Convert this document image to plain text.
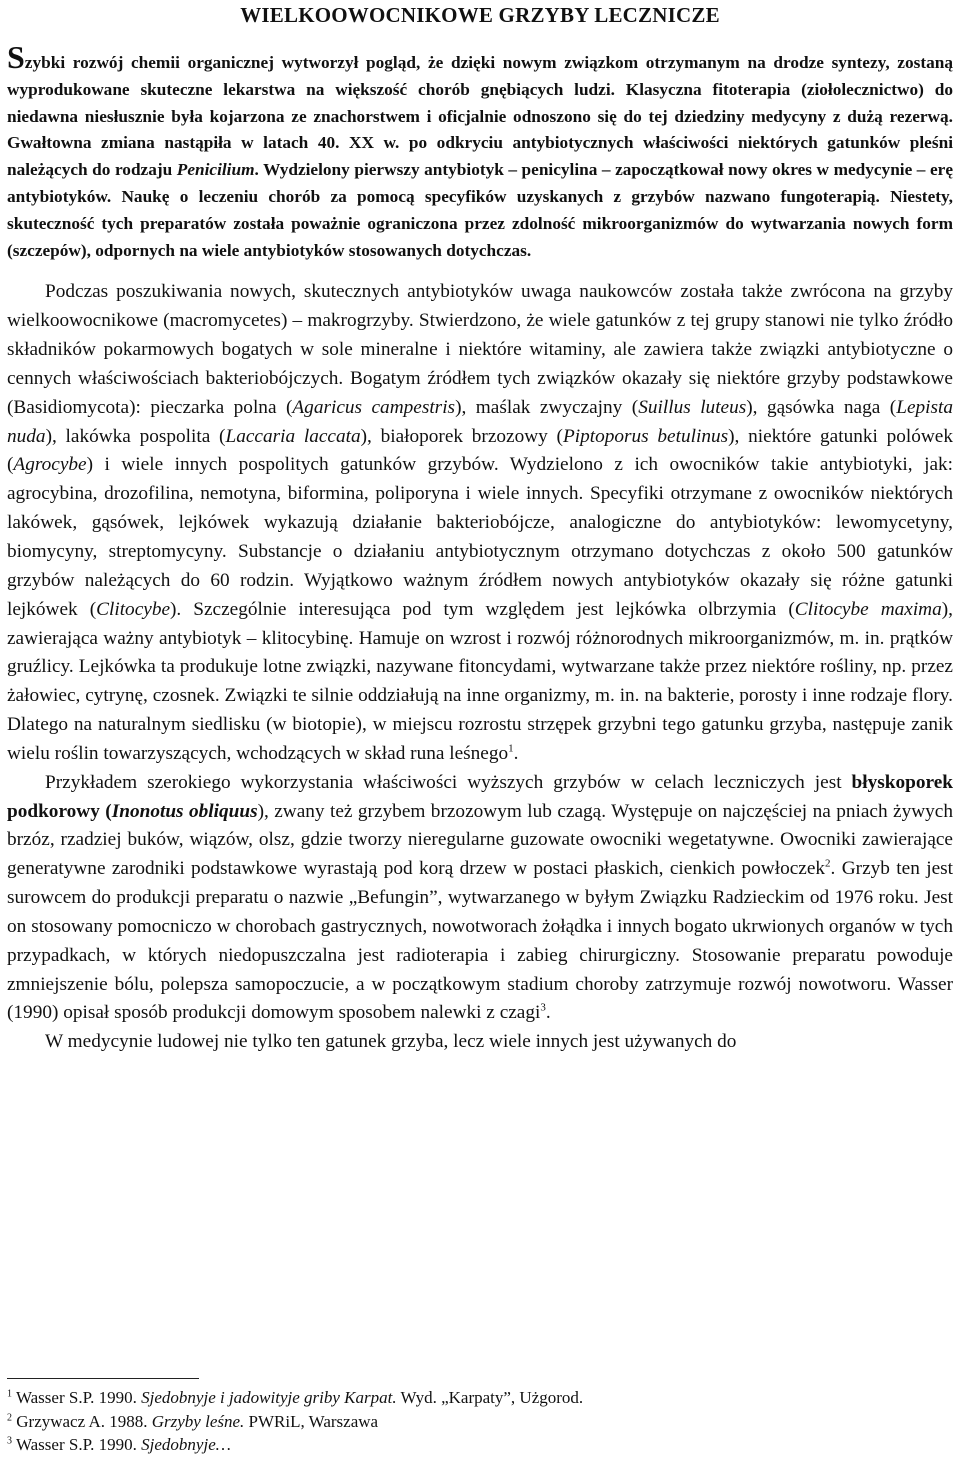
WIELKOOWOCNIKOWE GRZYBY LECZNICZE

Szybki rozwój chemii organicznej wytworzył pogląd, że dzięki nowym związkom otrzymanym na drodze syntezy, zostaną wyprodukowane skuteczne lekarstwa na większość chorób gnębiących ludzi. Klasyczna fitoterapia (ziołolecznictwo) do niedawna niesłusznie była kojarzona ze znachorstwem i oficjalnie odnoszono się do tej dziedziny medycyny z dużą rezerwą. Gwałtowna zmiana nastąpiła w latach 40. XX w. po odkryciu antybiotycznych właściwości niektórych gatunków pleśni należących do rodzaju Penicilium. Wydzielony pierwszy antybiotyk – penicylina – zapoczątkował nowy okres w medycynie – erę antybiotyków. Naukę o leczeniu chorób za pomocą specyfików uzyskanych z grzybów nazwano fungoterapią. Niestety, skuteczność tych preparatów została poważnie ograniczona przez zdolność mikroorganizmów do wytwarzania nowych form (szczepów), odpornych na wiele antybiotyków stosowanych dotychczas.

Podczas poszukiwania nowych, skutecznych antybiotyków uwaga naukowców została także zwrócona na grzyby wielkoowocnikowe (macromycetes) – makrogrzyby. Stwierdzono, że wiele gatunków z tej grupy stanowi nie tylko źródło składników pokarmowych bogatych w sole mineralne i niektóre witaminy, ale zawiera także związki antybiotyczne o cennych właściwościach bakteriobójczych. Bogatym źródłem tych związków okazały się niektóre grzyby podstawkowe (Basidiomycota): pieczarka polna (Agaricus campestris), maślak zwyczajny (Suillus luteus), gąsówka naga (Lepista nuda), lakówka pospolita (Laccaria laccata), białoporek brzozowy (Piptoporus betulinus), niektóre gatunki polówek (Agrocybe) i wiele innych pospolitych gatunków grzybów. Wydzielono z ich owocników takie antybiotyki, jak: agrocybina, drozofilina, nemotyna, biformina, poliporyna i wiele innych. Specyfiki otrzymane z owocników niektórych lakówek, gąsówek, lejkówek wykazują działanie bakteriobójcze, analogiczne do antybiotyków: lewomycetyny, biomycyny, streptomycyny. Substancje o działaniu antybiotycznym otrzymano dotychczas z około 500 gatunków grzybów należących do 60 rodzin. Wyjątkowo ważnym źródłem nowych antybiotyków okazały się różne gatunki lejkówek (Clitocybe). Szczególnie interesująca pod tym względem jest lejkówka olbrzymia (Clitocybe maxima), zawierająca ważny antybiotyk – klitocybinę. Hamuje on wzrost i rozwój różnorodnych mikroorganizmów, m. in. prątków gruźlicy. Lejkówka ta produkuje lotne związki, nazywane fitoncydami, wytwarzane także przez niektóre rośliny, np. przez żałowiec, cytrynę, czosnek. Związki te silnie oddziałują na inne organizmy, m. in. na bakterie, porosty i inne rodzaje flory. Dlatego na naturalnym siedlisku (w biotopie), w miejscu rozrostu strzępek grzybni tego gatunku grzyba, następuje zanik wielu roślin towarzyszących, wchodzących w skład runa leśnego$^1$.

Przykładem szerokiego wykorzystania właściwości wyższych grzybów w celach leczniczych jest błyskoporek podkorowy (Inonotus obliquus), zwany też grzybem brzozowym lub czagą. Występuje on najczęściej na pniach żywych brzóz, rzadziej buków, wiązów, olsz, gdzie tworzy nieregularne guzowate owocniki wegetatywne. Owocniki zawierające generatywne zarodniki podstawkowe wyrastają pod korą drzew w postaci płaskich, cienkich powłoczek$^2$. Grzyb ten jest surowcem do produkcji preparatu o nazwie „Befungin”, wytwarzanego w byłym Związku Radzieckim od 1976 roku. Jest on stosowany pomocniczo w chorobach gastrycznych, nowotworach żołądka i innych bogato ukrwionych organów w tych przypadkach, w których niedopuszczalna jest radioterapia i zabieg chirurgiczny. Stosowanie preparatu powoduje zmniejszenie bólu, polepsza samopoczucie, a w początkowym stadium choroby zatrzymuje rozwój nowotworu. Wasser (1990) opisał sposób produkcji domowym sposobem nalewki z czagi$^3$.

W medycynie ludowej nie tylko ten gatunek grzyba, lecz wiele innych jest używanych do

$^1$ Wasser S.P. 1990. Sjedobnyje i jadowityje griby Karpat. Wyd. „Karpaty”, Użgorod.

$^2$ Grzywacz A. 1988. Grzyby leśne. PWRiL, Warszawa

$^3$ Wasser S.P. 1990. Sjedobnyje…
